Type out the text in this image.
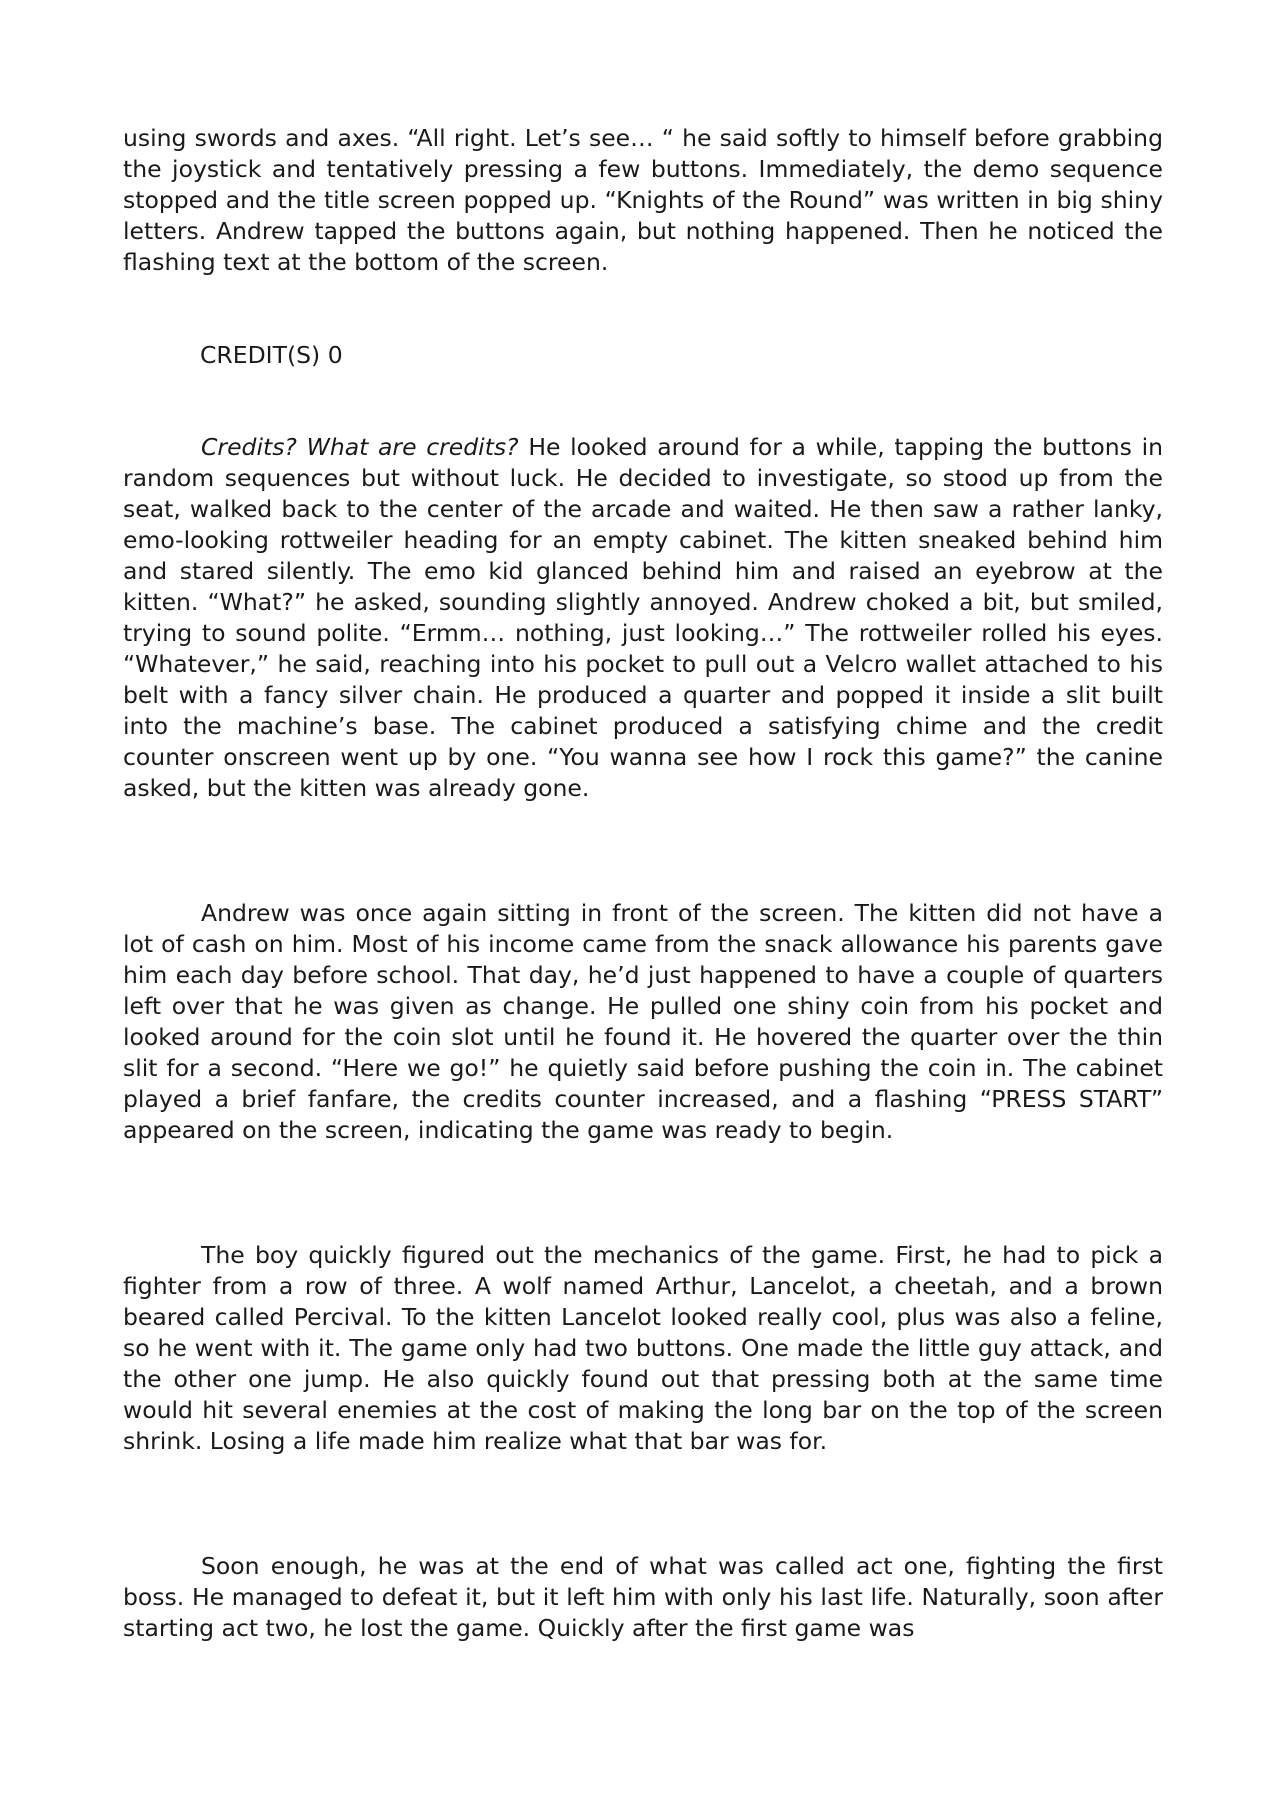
using swords and axes. “All right. Let’s see… “ he said softly to himself before grabbing the joystick and tentatively pressing a few buttons. Immediately, the demo sequence stopped and the title screen popped up. “Knights of the Round” was written in big shiny letters. Andrew tapped the buttons again, but nothing happened. Then he noticed the flashing text at the bottom of the screen.

CREDIT(S) 0

Credits? What are credits? He looked around for a while, tapping the buttons in random sequences but without luck. He decided to investigate, so stood up from the seat, walked back to the center of the arcade and waited. He then saw a rather lanky, emo-looking rottweiler heading for an empty cabinet. The kitten sneaked behind him and stared silently. The emo kid glanced behind him and raised an eyebrow at the kitten. “What?” he asked, sounding slightly annoyed. Andrew choked a bit, but smiled, trying to sound polite. “Ermm… nothing, just looking…” The rottweiler rolled his eyes. “Whatever,” he said, reaching into his pocket to pull out a Velcro wallet attached to his belt with a fancy silver chain. He produced a quarter and popped it inside a slit built into the machine’s base. The cabinet produced a satisfying chime and the credit counter onscreen went up by one. “You wanna see how I rock this game?” the canine asked, but the kitten was already gone.

Andrew was once again sitting in front of the screen. The kitten did not have a lot of cash on him. Most of his income came from the snack allowance his parents gave him each day before school. That day, he’d just happened to have a couple of quarters left over that he was given as change. He pulled one shiny coin from his pocket and looked around for the coin slot until he found it. He hovered the quarter over the thin slit for a second. “Here we go!” he quietly said before pushing the coin in. The cabinet played a brief fanfare, the credits counter increased, and a flashing “PRESS START” appeared on the screen, indicating the game was ready to begin.

The boy quickly figured out the mechanics of the game. First, he had to pick a fighter from a row of three. A wolf named Arthur, Lancelot, a cheetah, and a brown beared called Percival. To the kitten Lancelot looked really cool, plus was also a feline, so he went with it. The game only had two buttons. One made the little guy attack, and the other one jump. He also quickly found out that pressing both at the same time would hit several enemies at the cost of making the long bar on the top of the screen shrink. Losing a life made him realize what that bar was for.

Soon enough, he was at the end of what was called act one, fighting the first boss. He managed to defeat it, but it left him with only his last life. Naturally, soon after starting act two, he lost the game. Quickly after the first game was
